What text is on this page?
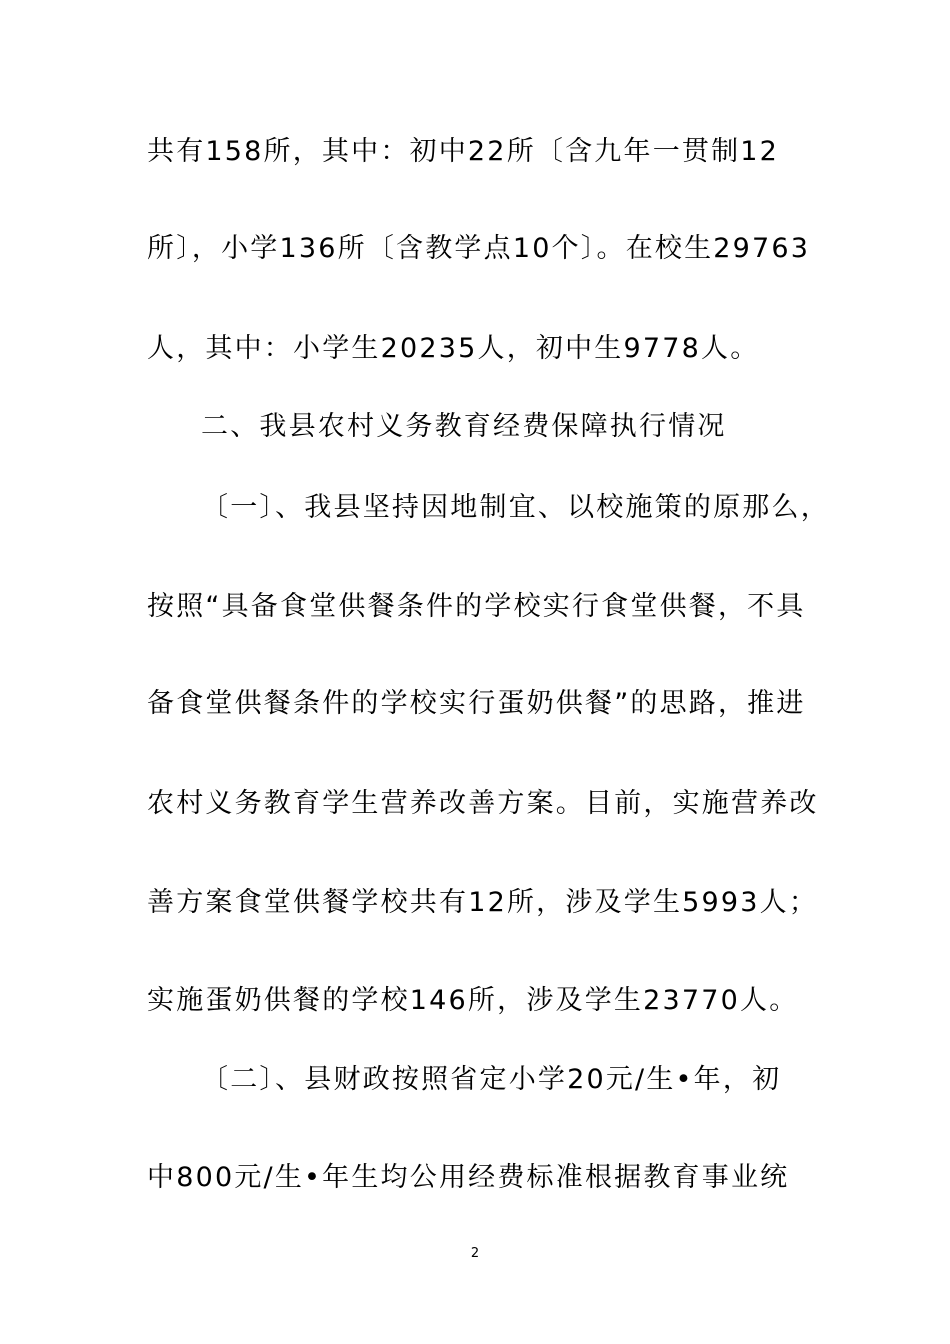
共有158所，其中：初中22所〔含九年一贯制12
所〕，小学136所〔含教学点10个〕。在校生29763
人，其中：小学生20235人，初中生9778人。
二、我县农村义务教育经费保障执行情况
〔一〕、我县坚持因地制宜、以校施策的原那么，
按照“具备食堂供餐条件的学校实行食堂供餐，不具
备食堂供餐条件的学校实行蛋奶供餐”的思路，推进
农村义务教育学生营养改善方案。目前，实施营养改
善方案食堂供餐学校共有12所，涉及学生5993人；
实施蛋奶供餐的学校146所，涉及学生23770人。
〔二〕、县财政按照省定小学20元/生•年，初
中800元/生•年生均公用经费标准根据教育事业统
2
